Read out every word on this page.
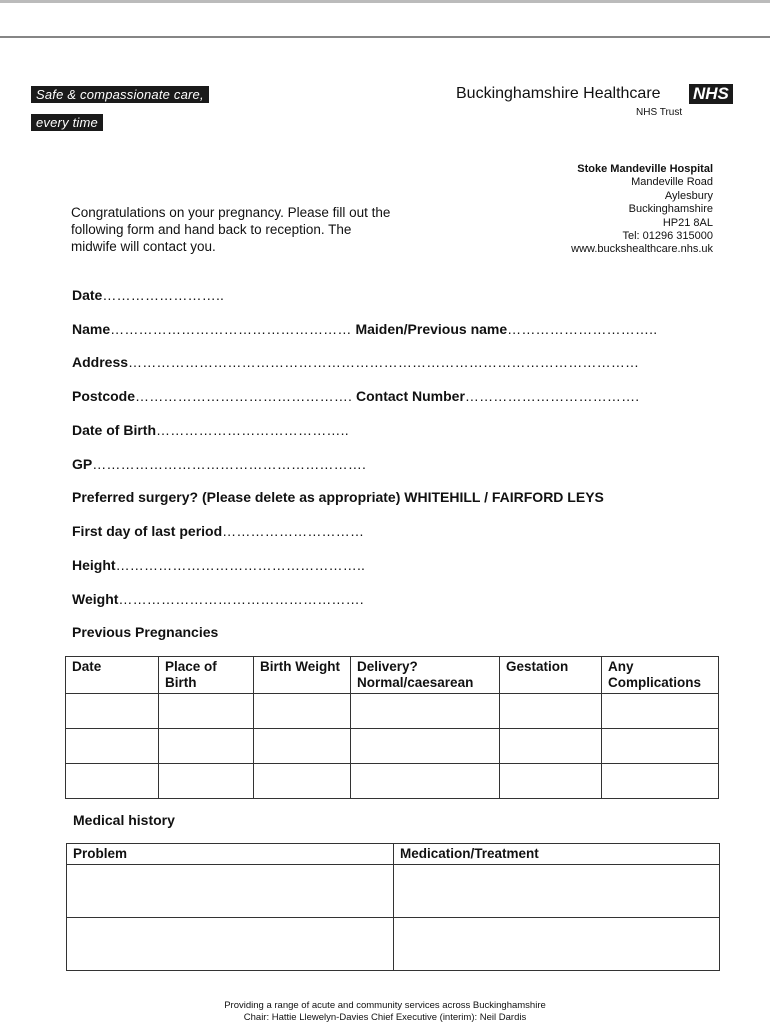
Safe & compassionate care,
every time
Buckinghamshire Healthcare NHS
NHS Trust
Stoke Mandeville Hospital
Mandeville Road
Aylesbury
Buckinghamshire
HP21 8AL
Tel: 01296 315000
www.buckshealthcare.nhs.uk
Congratulations on your pregnancy. Please fill out the following form and hand back to reception. The midwife will contact you.
Date……………………..
Name…………………………………………… Maiden/Previous name…………………………..
Address………………………………………………………………………………………………
Postcode………………………………………. Contact Number……………………………….
Date of Birth…………………………………..
GP………………………………………………….
Preferred surgery? (Please delete as appropriate) WHITEHILL / FAIRFORD LEYS
First day of last period…………………………
Height……………………………………………..
Weight…………………………………………….
Previous Pregnancies
Date	Place of Birth	Birth Weight	Delivery? Normal/caesarean	Gestation	Any Complications

Medical history
Problem	Medication/Treatment

Providing a range of acute and community services across Buckinghamshire
Chair: Hattie Llewelyn-Davies Chief Executive (interim): Neil Dardis
